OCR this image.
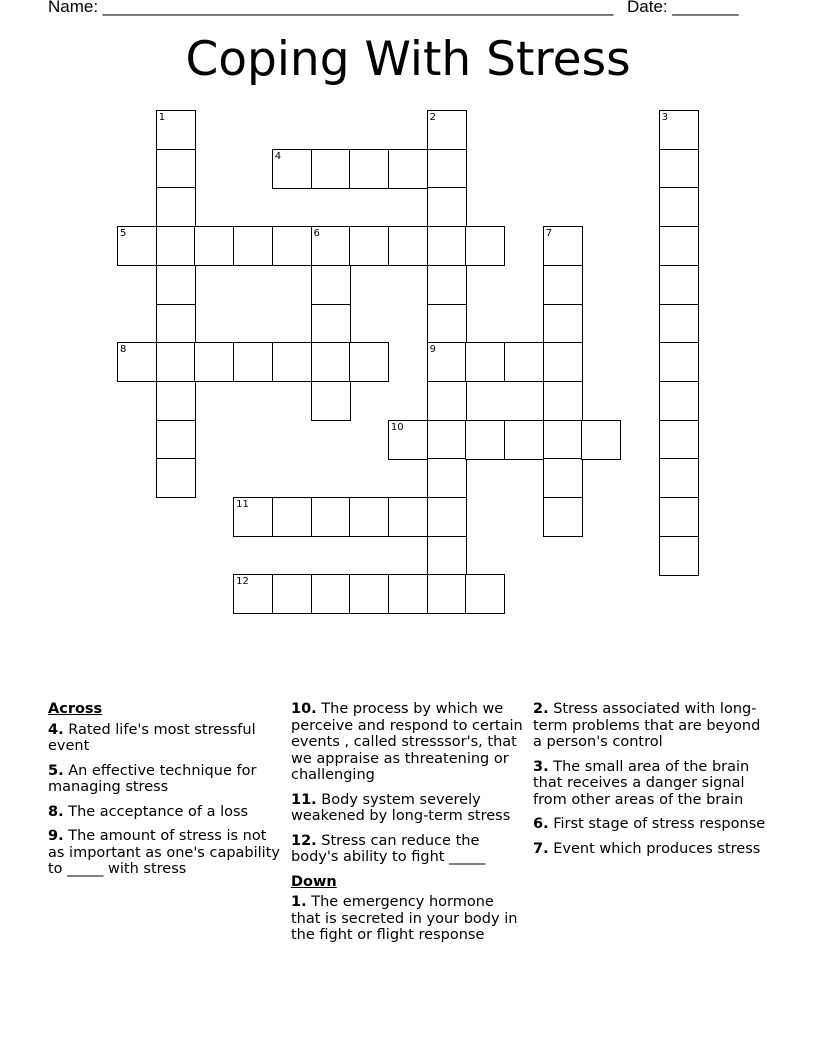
Name: ______________________________________________________ Date: _______
Coping With Stress
1	2	3
4
5	6	7
8	9
10
11
12
Across
4. Rated life's most stressful event
5. An effective technique for managing stress
8. The acceptance of a loss
9. The amount of stress is not as important as one's capability to _____ with stress
10. The process by which we perceive and respond to certain events , called stresssor's, that we appraise as threatening or challenging
11. Body system severely weakened by long-term stress
12. Stress can reduce the body's ability to fight _____
Down
1. The emergency hormone that is secreted in your body in the fight or flight response
2. Stress associated with long-term problems that are beyond a person's control
3. The small area of the brain that receives a danger signal from other areas of the brain
6. First stage of stress response
7. Event which produces stress
